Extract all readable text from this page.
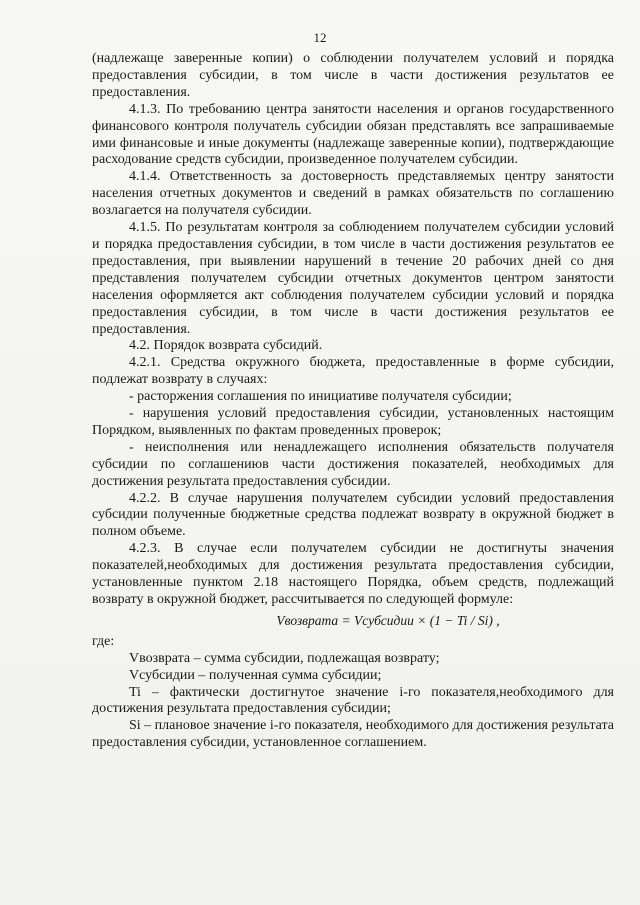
12

(надлежаще заверенные копии) о соблюдении получателем условий и порядка предоставления субсидии, в том числе в части достижения результатов ее предоставления.

4.1.3. По требованию центра занятости населения и органов государственного финансового контроля получатель субсидии обязан представлять все запрашиваемые ими финансовые и иные документы (надлежаще заверенные копии), подтверждающие расходование средств субсидии, произведенное получателем субсидии.

4.1.4. Ответственность за достоверность представляемых центру занятости населения отчетных документов и сведений в рамках обязательств по соглашению возлагается на получателя субсидии.

4.1.5. По результатам контроля за соблюдением получателем субсидии условий и порядка предоставления субсидии, в том числе в части достижения результатов ее предоставления, при выявлении нарушений в течение 20 рабочих дней со дня представления получателем субсидии отчетных документов центром занятости населения оформляется акт соблюдения получателем субсидии условий и порядка предоставления субсидии, в том числе в части достижения результатов ее предоставления.

4.2. Порядок возврата субсидий.

4.2.1. Средства окружного бюджета, предоставленные в форме субсидии, подлежат возврату в случаях:

- расторжения соглашения по инициативе получателя субсидии;

- нарушения условий предоставления субсидии, установленных настоящим Порядком, выявленных по фактам проведенных проверок;

- неисполнения или ненадлежащего исполнения обязательств получателя субсидии по соглашениюв части достижения показателей, необходимых для достижения результата предоставления субсидии.

4.2.2. В случае нарушения получателем субсидии условий предоставления субсидии полученные бюджетные средства подлежат возврату в окружной бюджет в полном объеме.

4.2.3. В случае если получателем субсидии не достигнуты значения показателей,необходимых для достижения результата предоставления субсидии, установленные пунктом 2.18 настоящего Порядка, объем средств, подлежащий возврату в окружной бюджет, рассчитывается по следующей формуле:

Vвозврата = Vсубсидии × (1 − Ti / Si) ,

где:

Vвозврата – сумма субсидии, подлежащая возврату;

Vсубсидии – полученная сумма субсидии;

Ti – фактически достигнутое значение i-го показателя,необходимого для достижения результата предоставления субсидии;

Si – плановое значение i-го показателя, необходимого для достижения результата предоставления субсидии, установленное соглашением.
